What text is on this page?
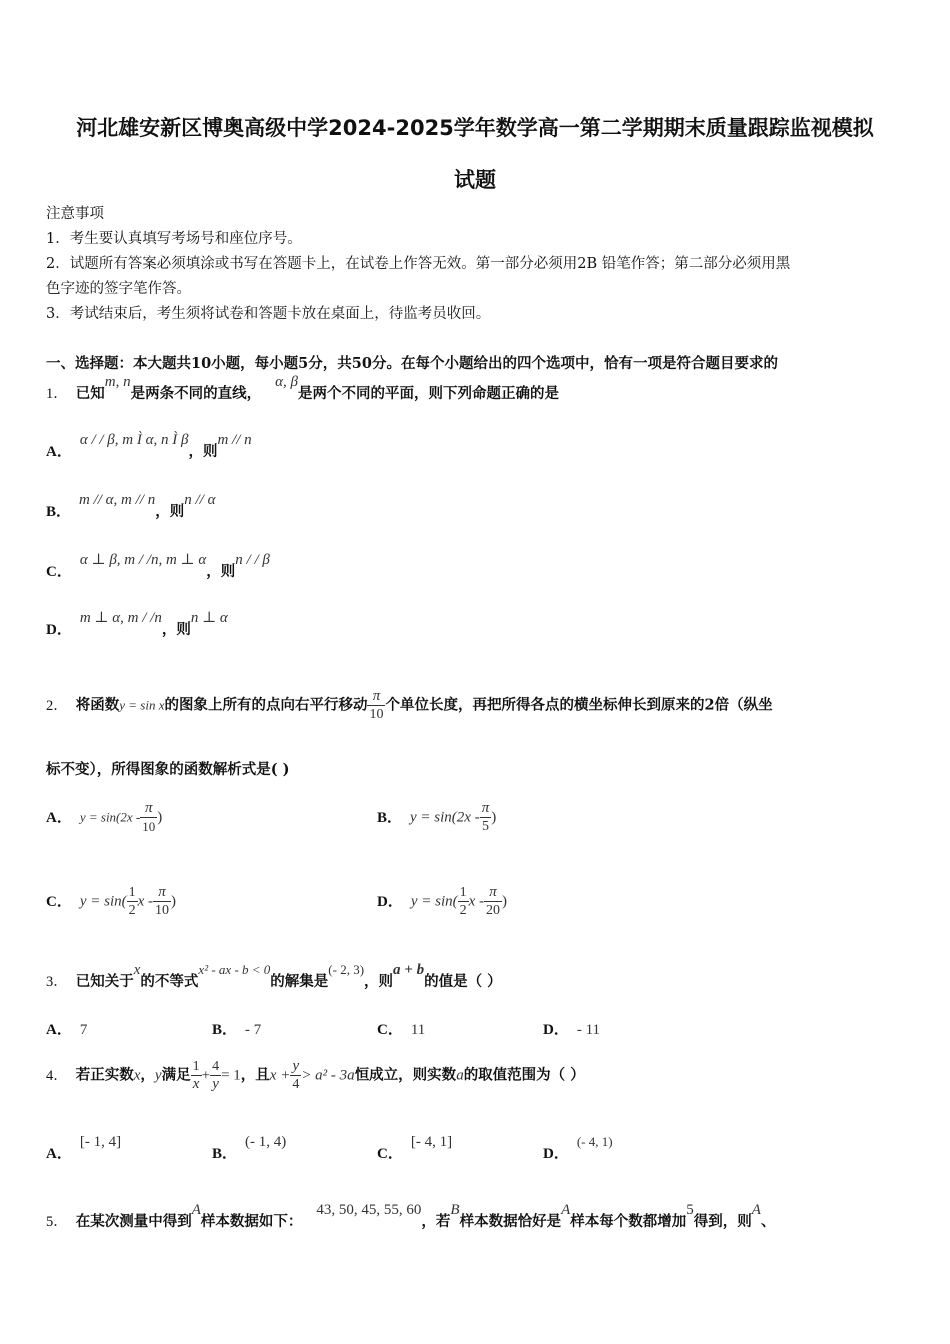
河北雄安新区博奥高级中学2024-2025学年数学高一第二学期期末质量跟踪监视模拟
试题
注意事项
1．考生要认真填写考场号和座位序号。
2．试题所有答案必须填涂或书写在答题卡上，在试卷上作答无效。第一部分必须用2B 铅笔作答；第二部分必须用黑
色字迹的签字笔作答。
3．考试结束后，考生须将试卷和答题卡放在桌面上，待监考员收回。
一、选择题：本大题共10小题，每小题5分，共50分。在每个小题给出的四个选项中，恰有一项是符合题目要求的
1． 已知m, n是两条不同的直线，α, β是两个不同的平面，则下列命题正确的是
A．α / / β, m Ì α, n Ì β，则m // n
B．m // α, m // n，则n // α
C．α ⊥ β, m / /n, m ⊥ α，则n / / β
D．m ⊥ α, m / /n，则n ⊥ α
2． 将函数y = sin x的图象上所有的点向右平行移动 $\frac{\pi}{10}$ 个单位长度，再把所得各点的横坐标伸长到原来的2倍（纵坐
标不变），所得图象的函数解析式是( )
A． $y = \sin(2x - \frac{\pi}{10}$ )	B． $y = \sin(2x - \frac{\pi}{5}$ )
C． $y = \sin( \frac{1}{2}$ x - $\frac{\pi}{10}$ )	D． $y = \sin( \frac{1}{2}$ x - $\frac{\pi}{20}$ )
3． 已知关于x的不等式x² - ax - b < 0的解集是(- 2, 3)，则a + b的值是（ ）
A． 7	B． - 7	C． 11	D． - 11
4． 若正实数x，y满足 $\frac{1}{x} + \frac{4}{y} = 1$，且$x + \frac{y}{4} > a^2 - 3a$恒成立，则实数a的取值范围为（ ）
A．[- 1, 4]
B．(- 1, 4)
C．[- 4, 1]
D．(- 4, 1)
5． 在某次测量中得到A样本数据如下：43, 50, 45, 55, 60，若B样本数据恰好是A样本每个数都增加5得到，则A、
